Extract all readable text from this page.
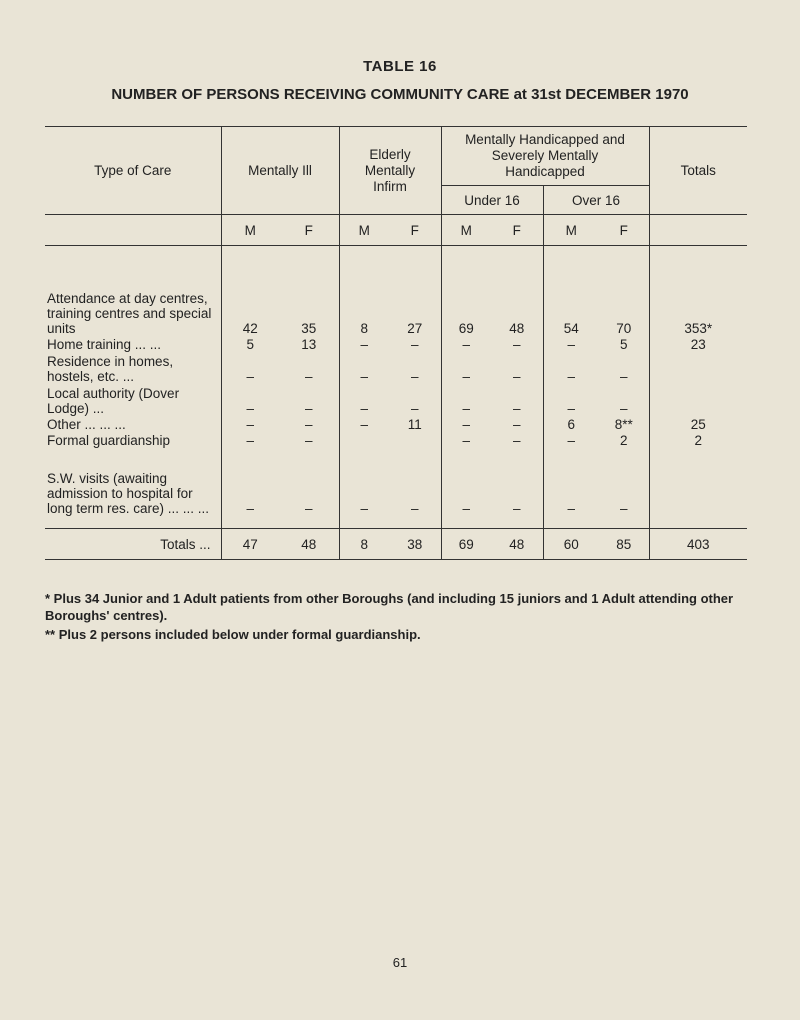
TABLE 16
NUMBER OF PERSONS RECEIVING COMMUNITY CARE at 31st DECEMBER 1970
Type of Care	Mentally Ill		Elderly Mentally Infirm		Mentally Handicapped and Severely Mentally Handicapped				Totals
					Under 16		Over 16		
	M	F	M	F	M	F	M	F	
Attendance at day centres, training centres and special units	42	35	8	27	69	48	54	70	353*
Home training ... ...	5	13	–	–	–	–	–	5	23
Residence in homes, hostels, etc. ...	–	–	–	–	–	–	–	–	
Local authority (Dover Lodge) ...	–	–	–	–	–	–	–	–	
Other ... ... ...	–	–	–	11	–	–	6	8**	25
Formal guardianship	–	–			–	–	–	2	2
S.W. visits (awaiting admission to hospital for long term res. care) ... ... ...	–	–	–	–	–	–	–	–	

Totals ...	47	48	8	38	69	48	60	85	403
* Plus 34 Junior and 1 Adult patients from other Boroughs (and including 15 juniors and 1 Adult attending other Boroughs' centres).
** Plus 2 persons included below under formal guardianship.
61
